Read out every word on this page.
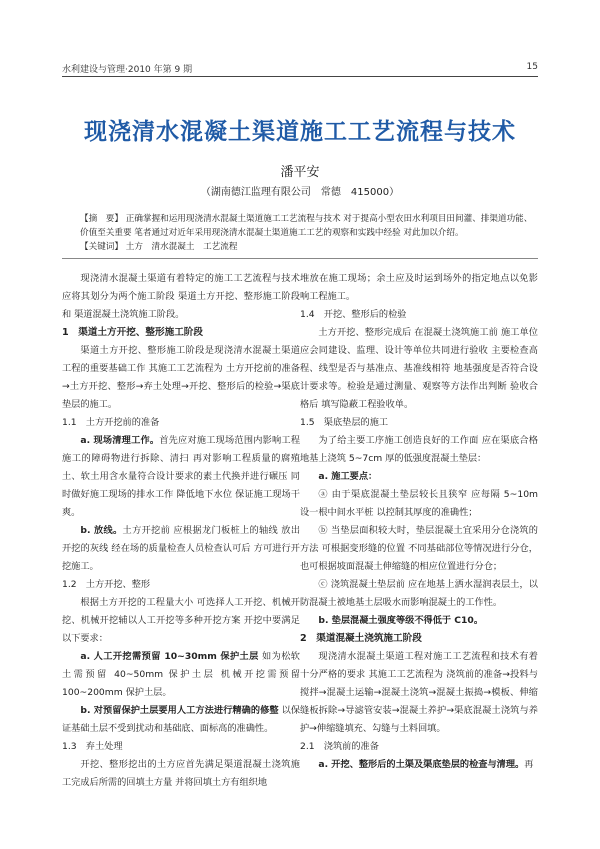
水利建设与管理·2010 年第 9 期	15
现浇清水混凝土渠道施工工艺流程与技术
潘平安
（湖南德江监理有限公司　常德　415000）
【摘　要】 正确掌握和运用现浇清水混凝土渠道施工工艺流程与技术 对于提高小型农田水利项目田间灌、排渠道功能、价值至关重要 笔者通过对近年采用现浇清水混凝土渠道施工工艺的观察和实践中经验 对此加以介绍。
【关键词】 土方　清水混凝土　工艺流程

现浇清水混凝土渠道有着特定的施工工艺流程与技术 应将其划分为两个施工阶段 渠道土方开挖、整形施工阶段和 渠道混凝土浇筑施工阶段。

1　渠道土方开挖、整形施工阶段

渠道土方开挖、整形施工阶段是现浇清水混凝土渠道工程的重要基础工作 其施工工艺流程为 土方开挖前的准备→土方开挖、整形→弃土处理→开挖、整形后的检验→渠底垫层的施工。

1.1　土方开挖前的准备

a. 现场清理工作。首先应对施工现场范围内影响工程施工的障碍物进行拆除、清扫 再对影响工程质量的腐殖土、软土用含水量符合设计要求的素土代换并进行碾压 同时做好施工现场的排水工作 降低地下水位 保证施工现场干爽。

b. 放线。土方开挖前 应根据龙门板桩上的轴线 放出开挖的灰线 经在场的质量检查人员检查认可后 方可进行开挖施工。

1.2　土方开挖、整形

根据土方开挖的工程量大小 可选择人工开挖、机械开挖、机械开挖辅以人工开挖等多种开挖方案 开挖中要满足以下要求：

a. 人工开挖需预留 10~30mm 保护土层 如为松软土需预留 40~50mm 保护土层 机械开挖需预留 100~200mm 保护土层。

b. 对预留保护土层要用人工方法进行精确的修整 以保证基础土层不受到扰动和基础底、面标高的准确性。

1.3　弃土处理

开挖、整形挖出的土方应首先满足渠道混凝土浇筑施工完成后所需的回填土方量 并将回填土方有组织地

堆放在施工现场；余土应及时运到场外的指定地点以免影响工程施工。

1.4　开挖、整形后的检验

土方开挖、整形完成后 在混凝土浇筑施工前 施工单位应会同建设、监理、设计等单位共同进行验收 主要检查高程、线型是否与基准点、基准线相符 地基强度是否符合设计要求等。检验是通过测量、观察等方法作出判断 验收合格后 填写隐蔽工程验收单。

1.5　渠底垫层的施工

为了给主要工序施工创造良好的工作面 应在渠底合格地基上浇筑 5~7cm 厚的低强度混凝土垫层：

a. 施工要点：

ⓐ 由于渠底混凝土垫层较长且狭窄 应每隔 5~10m 设一根中间水平桩 以控制其厚度的准确性；

ⓑ 当垫层面积较大时，垫层混凝土宜采用分仓浇筑的方法 可根据变形缝的位置 不同基础部位等情况进行分仓，也可根据坡面混凝土伸缩缝的相应位置进行分仓；

ⓒ 浇筑混凝土垫层前 应在地基上洒水湿润表层土，以防混凝土被地基土层吸水而影响混凝土的工作性。

b. 垫层混凝土强度等级不得低于 C10。

2　渠道混凝土浇筑施工阶段

现浇清水混凝土渠道工程对施工工艺流程和技术有着十分严格的要求 其施工工艺流程为 浇筑前的准备→投料与搅拌→混凝土运输→混凝土浇筑→混凝土振捣→模板、伸缩缝板拆除→导滤管安装→混凝土养护→渠底混凝土浇筑与养护→伸缩缝填充、勾缝与土料回填。

2.1　浇筑前的准备

a. 开挖、整形后的土渠及渠底垫层的检查与清理。再
